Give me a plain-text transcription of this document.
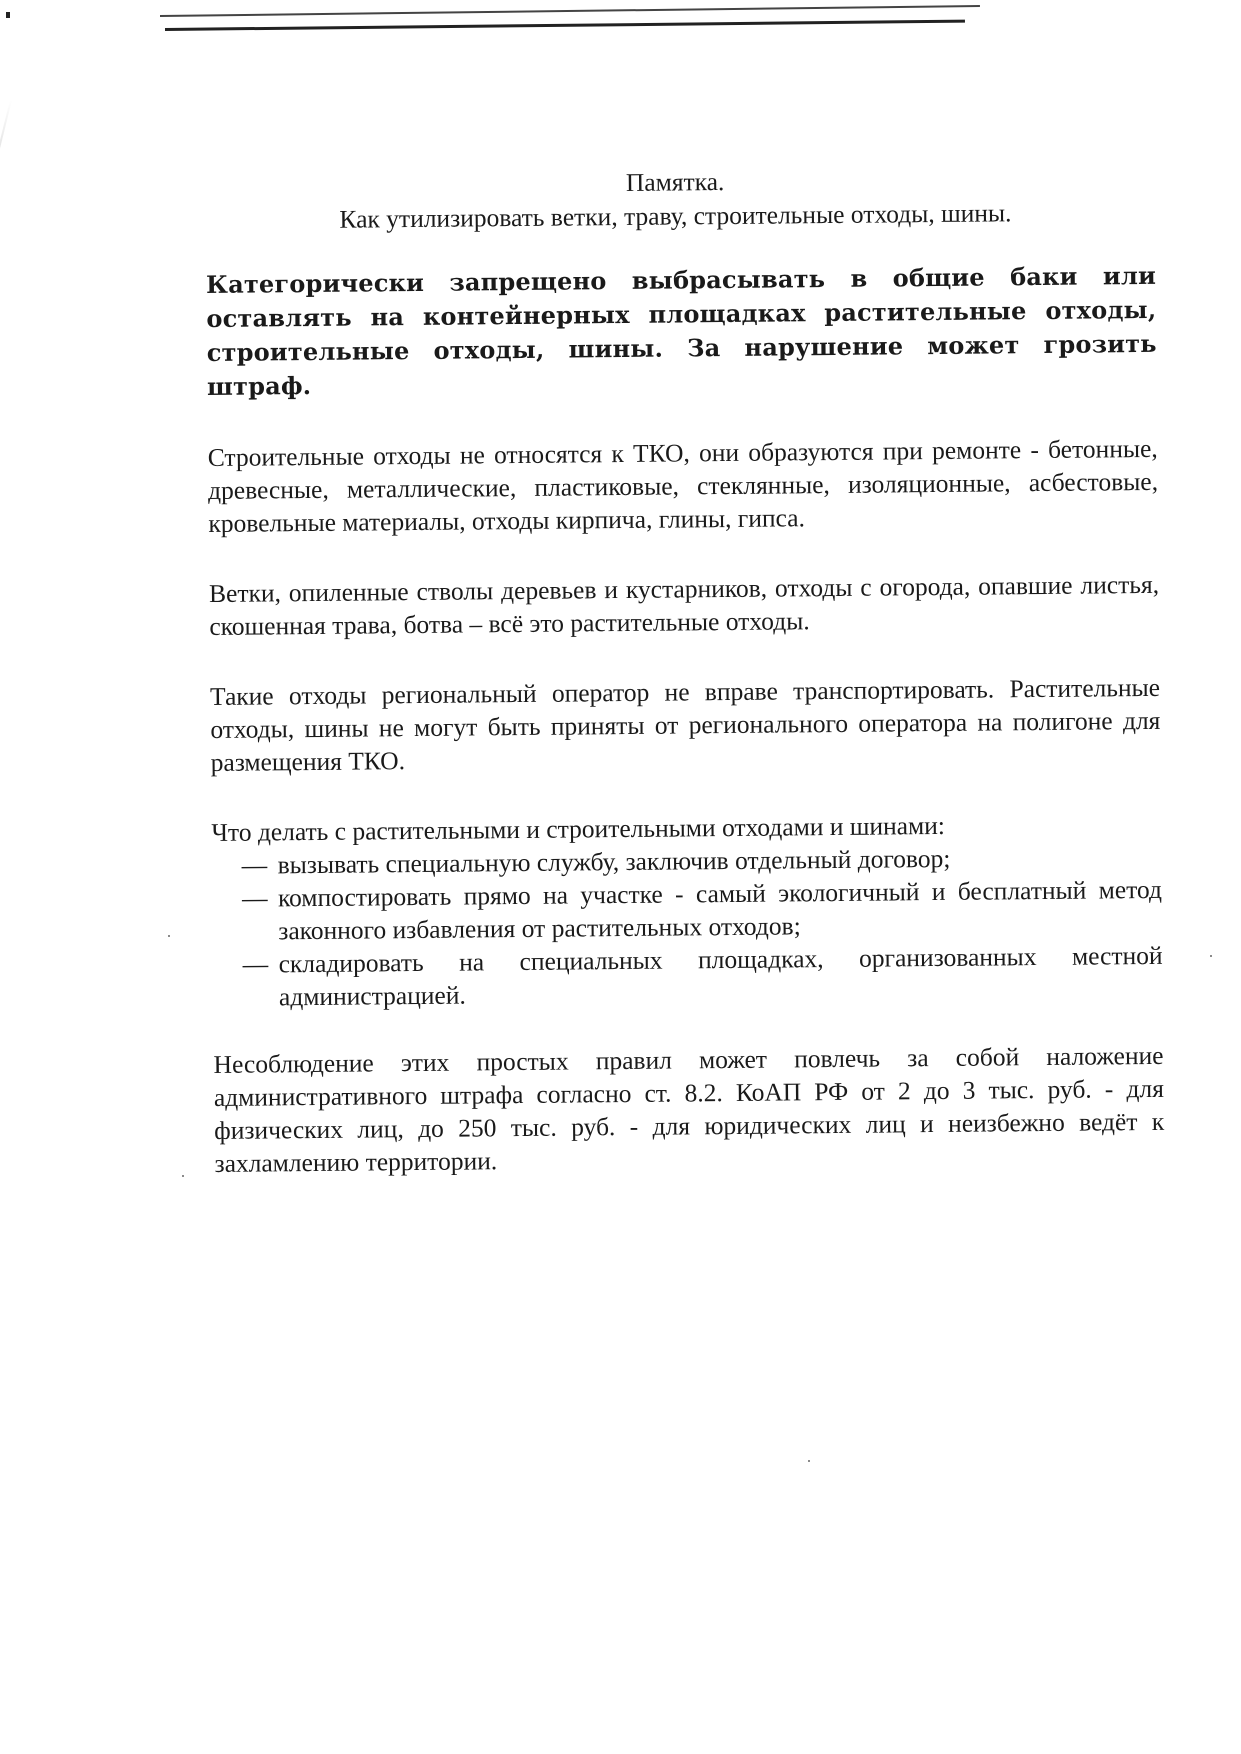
Памятка.
Как утилизировать ветки, траву, строительные отходы, шины.

Категорически запрещено выбрасывать в общие баки или оставлять на контейнерных площадках растительные отходы, строительные отходы, шины. За нарушение может грозить штраф.

Строительные отходы не относятся к ТКО, они образуются при ремонте - бетонные, древесные, металлические, пластиковые, стеклянные, изоляционные, асбестовые, кровельные материалы, отходы кирпича, глины, гипса.

Ветки, опиленные стволы деревьев и кустарников, отходы с огорода, опавшие листья, скошенная трава, ботва – всё это растительные отходы.

Такие отходы региональный оператор не вправе транспортировать. Растительные отходы, шины не могут быть приняты от регионального оператора на полигоне для размещения ТКО.

Что делать с растительными и строительными отходами и шинами:

— вызывать специальную службу, заключив отдельный договор;
— компостировать прямо на участке - самый экологичный и бесплатный метод законного избавления от растительных отходов;
— складировать на специальных площадках, организованных местной администрацией.

Несоблюдение этих простых правил может повлечь за собой наложение административного штрафа согласно ст. 8.2. КоАП РФ от 2 до 3 тыс. руб. - для физических лиц, до 250 тыс. руб. - для юридических лиц и неизбежно ведёт к захламлению территории.
